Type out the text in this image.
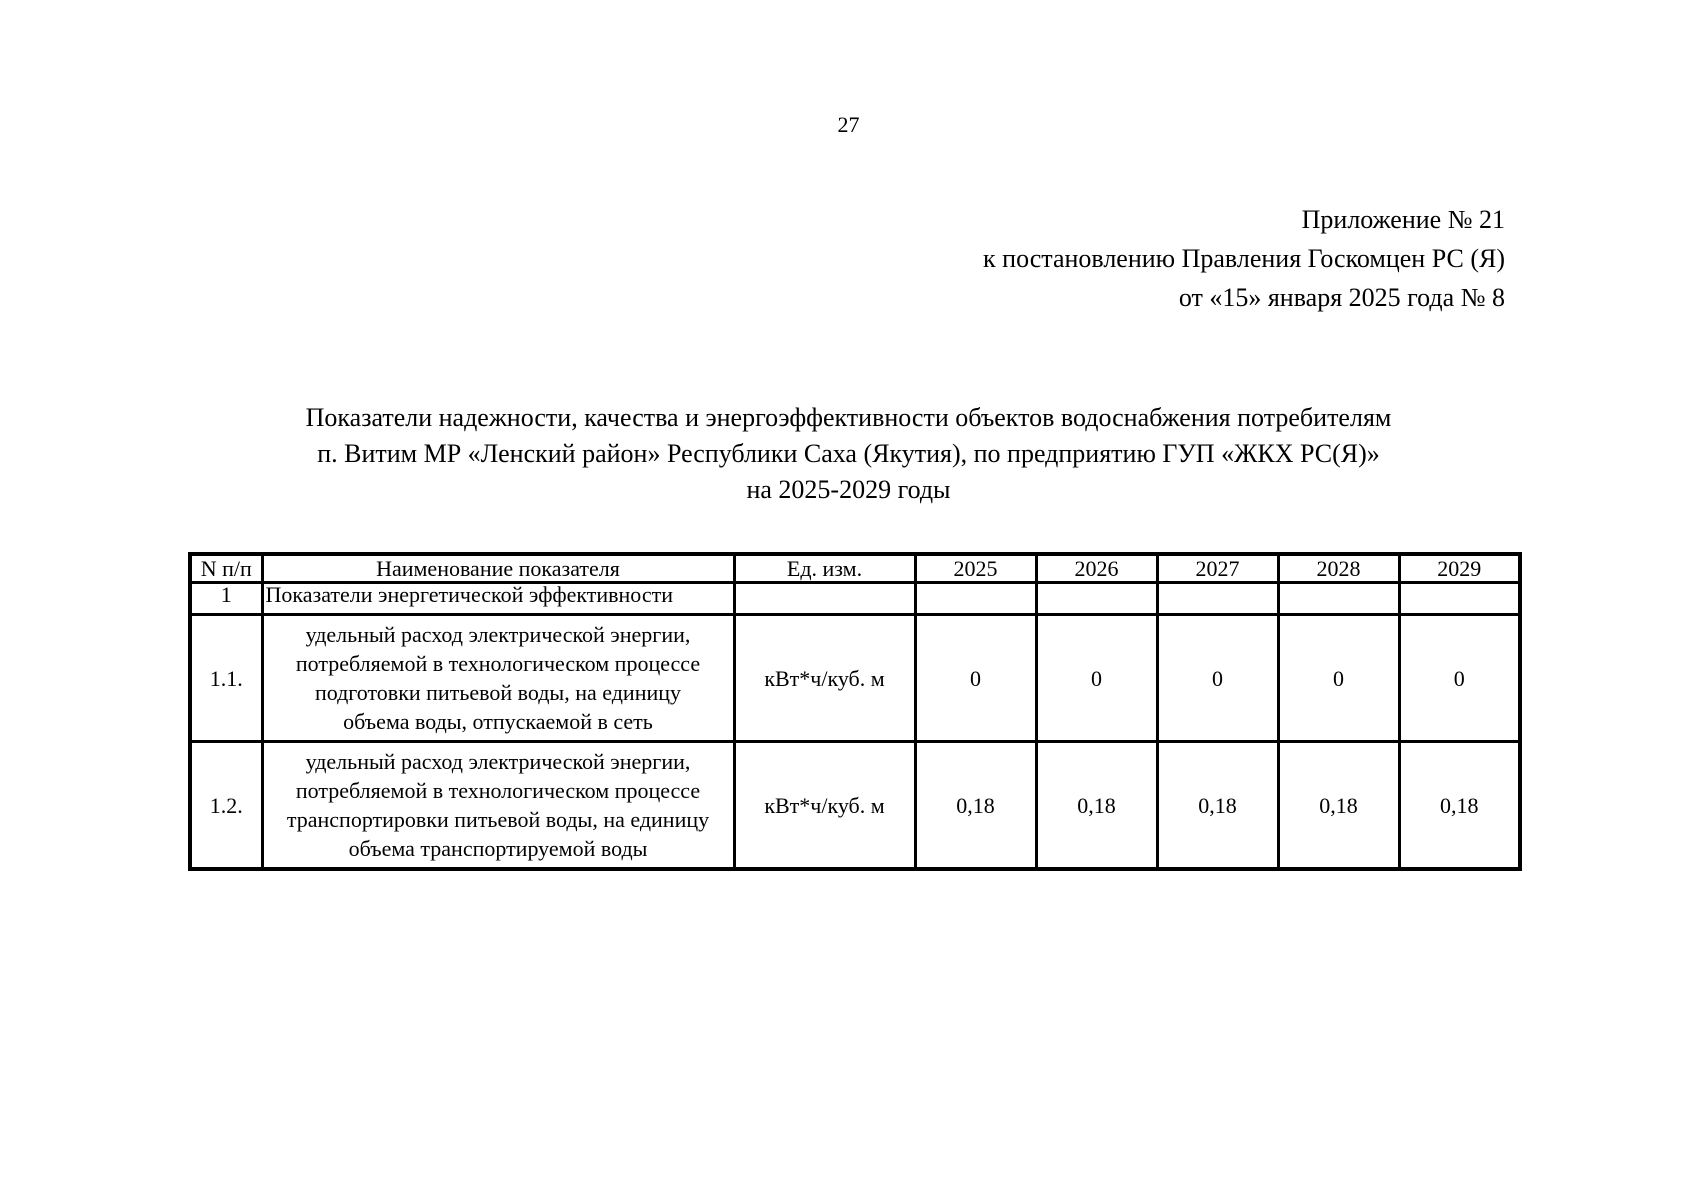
27
Приложение № 21
к постановлению Правления Госкомцен РС (Я)
от «15» января 2025 года № 8
Показатели надежности, качества и энергоэффективности объектов водоснабжения потребителям
п. Витим МР «Ленский район» Республики Саха (Якутия), по предприятию ГУП «ЖКХ РС(Я)»
на 2025-2029 годы
N п/п	Наименование показателя	Ед. изм.	2025	2026	2027	2028	2029
1	Показатели энергетической эффективности						
1.1.	удельный расход электрической энергии,
потребляемой в технологическом процессе
подготовки питьевой воды, на единицу
объема воды, отпускаемой в сеть	кВт*ч/куб. м	0	0	0	0	0
1.2.	удельный расход электрической энергии,
потребляемой в технологическом процессе
транспортировки питьевой воды, на единицу
объема транспортируемой воды	кВт*ч/куб. м	0,18	0,18	0,18	0,18	0,18
